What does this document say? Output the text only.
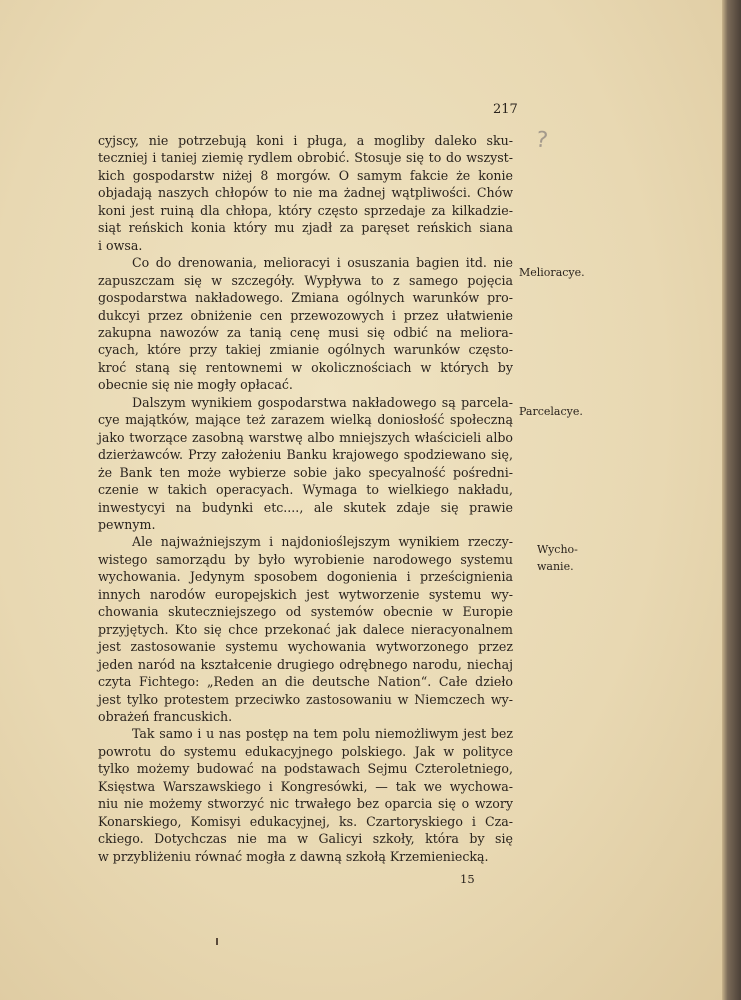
217
?
cyjscy, nie potrzebują koni i pługa, a mogliby daleko sku-
teczniej i taniej ziemię rydlem obrobić. Stosuje się to do wszyst-
kich gospodarstw niżej 8 morgów. O samym fakcie że konie
objadają naszych chłopów to nie ma żadnej wątpliwości. Chów
koni jest ruiną dla chłopa, który często sprzedaje za kilkadzie-
siąt reńskich konia który mu zjadł za paręset reńskich siana
i owsa.
Co do drenowania, melioracyi i osuszania bagien itd. nie
zapuszczam się w szczegóły. Wypływa to z samego pojęcia
gospodarstwa nakładowego. Zmiana ogólnych warunków pro-
dukcyi przez obniżenie cen przewozowych i przez ułatwienie
zakupna nawozów za tanią cenę musi się odbić na meliora-
cyach, które przy takiej zmianie ogólnych warunków często-
kroć staną się rentownemi w okolicznościach w których by
obecnie się nie mogły opłacać.
Dalszym wynikiem gospodarstwa nakładowego są parcela-
cye majątków, mające też zarazem wielką doniosłość społeczną
jako tworzące zasobną warstwę albo mniejszych właścicieli albo
dzierżawców. Przy założeniu Banku krajowego spodziewano się,
że Bank ten może wybierze sobie jako specyalność pośredni-
czenie w takich operacyach. Wymaga to wielkiego nakładu,
inwestycyi na budynki etc...., ale skutek zdaje się prawie
pewnym.
Ale najważniejszym i najdonioślejszym wynikiem rzeczy-
wistego samorządu by było wyrobienie narodowego systemu
wychowania. Jedynym sposobem dogonienia i prześcignienia
innych narodów europejskich jest wytworzenie systemu wy-
chowania skuteczniejszego od systemów obecnie w Europie
przyjętych. Kto się chce przekonać jak dalece nieracyonalnem
jest zastosowanie systemu wychowania wytworzonego przez
jeden naród na kształcenie drugiego odrębnego narodu, niechaj
czyta Fichtego: „Reden an die deutsche Nation“. Całe dzieło
jest tylko protestem przeciwko zastosowaniu w Niemczech wy-
obrażeń francuskich.
Tak samo i u nas postęp na tem polu niemożliwym jest bez
powrotu do systemu edukacyjnego polskiego. Jak w polityce
tylko możemy budować na podstawach Sejmu Czteroletniego,
Księstwa Warszawskiego i Kongresówki, — tak we wychowa-
niu nie możemy stworzyć nic trwałego bez oparcia się o wzory
Konarskiego, Komisyi edukacyjnej, ks. Czartoryskiego i Cza-
ckiego. Dotychczas nie ma w Galicyi szkoły, która by się
w przybliżeniu równać mogła z dawną szkołą Krzemieniecką.
Melioracye.
Parcelacye.
Wycho-
wanie.
15
